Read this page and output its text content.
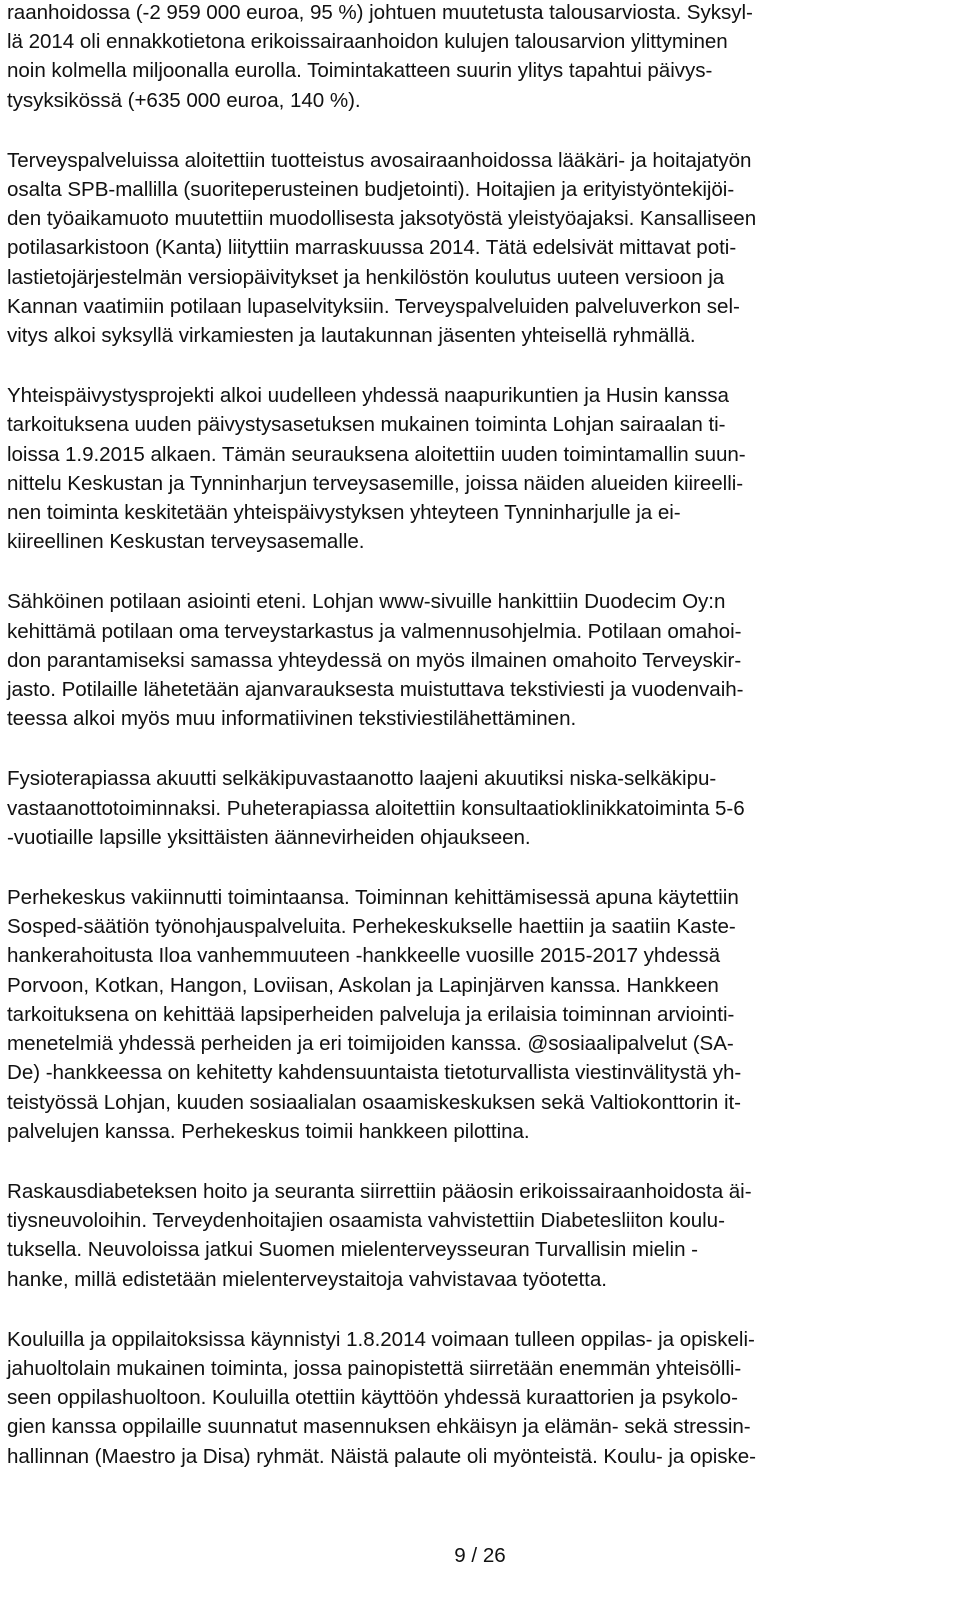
raanhoidossa (-2 959 000 euroa, 95 %) johtuen muutetusta talousarviosta. Syksyl-
lä 2014 oli ennakkotietona erikoissairaanhoidon kulujen talousarvion ylittyminen
noin kolmella miljoonalla eurolla. Toimintakatteen suurin ylitys tapahtui päivys-
tysyksikössä (+635 000 euroa, 140 %).

Terveyspalveluissa aloitettiin tuotteistus avosairaanhoidossa lääkäri- ja hoitajatyön
osalta SPB-mallilla (suoriteperusteinen budjetointi). Hoitajien ja erityistyöntekijöi-
den työaikamuoto muutettiin muodollisesta jaksotyöstä yleistyöajaksi. Kansalliseen
potilasarkistoon (Kanta) liityttiin marraskuussa 2014. Tätä edelsivät mittavat poti-
lastietojärjestelmän versiopäivitykset ja henkilöstön koulutus uuteen versioon ja
Kannan vaatimiin potilaan lupaselvityksiin. Terveyspalveluiden palveluverkon sel-
vitys alkoi syksyllä virkamiesten ja lautakunnan jäsenten yhteisellä ryhmällä.

Yhteispäivystysprojekti alkoi uudelleen yhdessä naapurikuntien ja Husin kanssa
tarkoituksena uuden päivystysasetuksen mukainen toiminta Lohjan sairaalan ti-
loissa 1.9.2015 alkaen. Tämän seurauksena aloitettiin uuden toimintamallin suun-
nittelu Keskustan ja Tynninharjun terveysasemille, joissa näiden alueiden kiireelli-
nen toiminta keskitetään yhteispäivystyksen yhteyteen Tynninharjulle ja ei-
kiireellinen Keskustan terveysasemalle.

Sähköinen potilaan asiointi eteni. Lohjan www-sivuille hankittiin Duodecim Oy:n
kehittämä potilaan oma terveystarkastus ja valmennusohjelmia. Potilaan omahoi-
don parantamiseksi samassa yhteydessä on myös ilmainen omahoito Terveyskir-
jasto. Potilaille lähetetään ajanvarauksesta muistuttava tekstiviesti ja vuodenvaih-
teessa alkoi myös muu informatiivinen tekstiviestilähettäminen.

Fysioterapiassa akuutti selkäkipuvastaanotto laajeni akuutiksi niska-selkäkipu-
vastaanottotoiminnaksi. Puheterapiassa aloitettiin konsultaatioklinikkatoiminta 5-6
-vuotiaille lapsille yksittäisten äännevirheiden ohjaukseen.

Perhekeskus vakiinnutti toimintaansa. Toiminnan kehittämisessä apuna käytettiin
Sosped-säätiön työnohjauspalveluita. Perhekeskukselle haettiin ja saatiin Kaste-
hankerahoitusta Iloa vanhemmuuteen -hankkeelle vuosille 2015-2017 yhdessä
Porvoon, Kotkan, Hangon, Loviisan, Askolan ja Lapinjärven kanssa. Hankkeen
tarkoituksena on kehittää lapsiperheiden palveluja ja erilaisia toiminnan arviointi-
menetelmiä yhdessä perheiden ja eri toimijoiden kanssa. @sosiaalipalvelut (SA-
De) -hankkeessa on kehitetty kahdensuuntaista tietoturvallista viestinvälitystä yh-
teistyössä Lohjan, kuuden sosiaalialan osaamiskeskuksen sekä Valtiokonttorin it-
palvelujen kanssa. Perhekeskus toimii hankkeen pilottina.

Raskausdiabeteksen hoito ja seuranta siirrettiin pääosin erikoissairaanhoidosta äi-
tiysneuvoloihin. Terveydenhoitajien osaamista vahvistettiin Diabetesliiton koulu-
tuksella. Neuvoloissa jatkui Suomen mielenterveysseuran Turvallisin mielin -
hanke, millä edistetään mielenterveystaitoja vahvistavaa työotetta.

Kouluilla ja oppilaitoksissa käynnistyi 1.8.2014 voimaan tulleen oppilas- ja opiskeli-
jahuoltolain mukainen toiminta, jossa painopistettä siirretään enemmän yhteisölli-
seen oppilashuoltoon. Kouluilla otettiin käyttöön yhdessä kuraattorien ja psykolo-
gien kanssa oppilaille suunnatut masennuksen ehkäisyn ja elämän- sekä stressin-
hallinnan (Maestro ja Disa) ryhmät. Näistä palaute oli myönteistä. Koulu- ja opiske-

9 / 26
